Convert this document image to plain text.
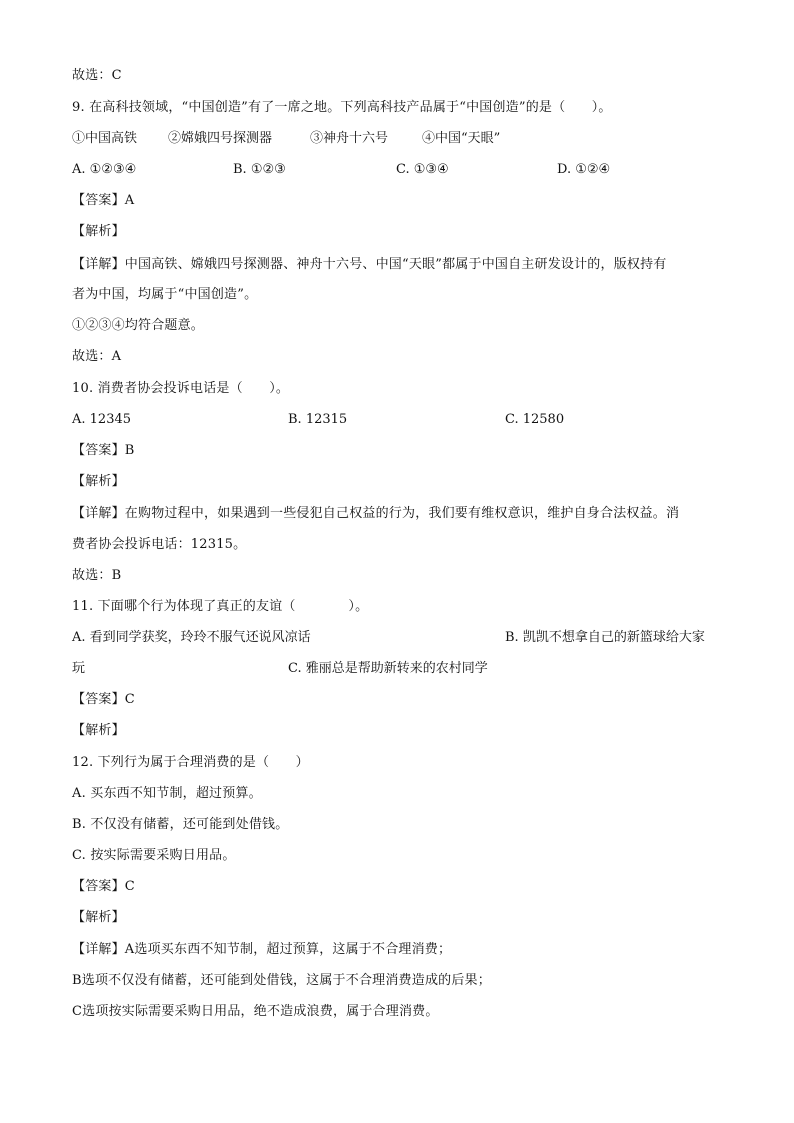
故选：C
9. 在高科技领域，“中国创造”有了一席之地。下列高科技产品属于“中国创造”的是（　　）。
①中国高铁 ②嫦娥四号探测器	③神舟十六号	④中国“天眼”
A. ①②③④	B. ①②③	C. ①③④	D. ①②④
【答案】A
【解析】
【详解】中国高铁、嫦娥四号探测器、神舟十六号、中国“天眼”都属于中国自主研发设计的，版权持有
者为中国，均属于“中国创造”。
①②③④均符合题意。
故选：A
10. 消费者协会投诉电话是（　　）。
A. 12345	B. 12315	C. 12580
【答案】B
【解析】
【详解】在购物过程中，如果遇到一些侵犯自己权益的行为，我们要有维权意识，维护自身合法权益。消
费者协会投诉电话：12315。
故选：B
11. 下面哪个行为体现了真正的友谊（　　　　）。
A. 看到同学获奖，玲玲不服气还说风凉话	B. 凯凯不想拿自己的新篮球给大家
玩	C. 雅丽总是帮助新转来的农村同学
【答案】C
【解析】
12. 下列行为属于合理消费的是（　　）
A. 买东西不知节制，超过预算。
B. 不仅没有储蓄，还可能到处借钱。
C. 按实际需要采购日用品。
【答案】C
【解析】
【详解】A选项买东西不知节制，超过预算，这属于不合理消费；
B选项不仅没有储蓄，还可能到处借钱，这属于不合理消费造成的后果；
C选项按实际需要采购日用品，绝不造成浪费，属于合理消费。
